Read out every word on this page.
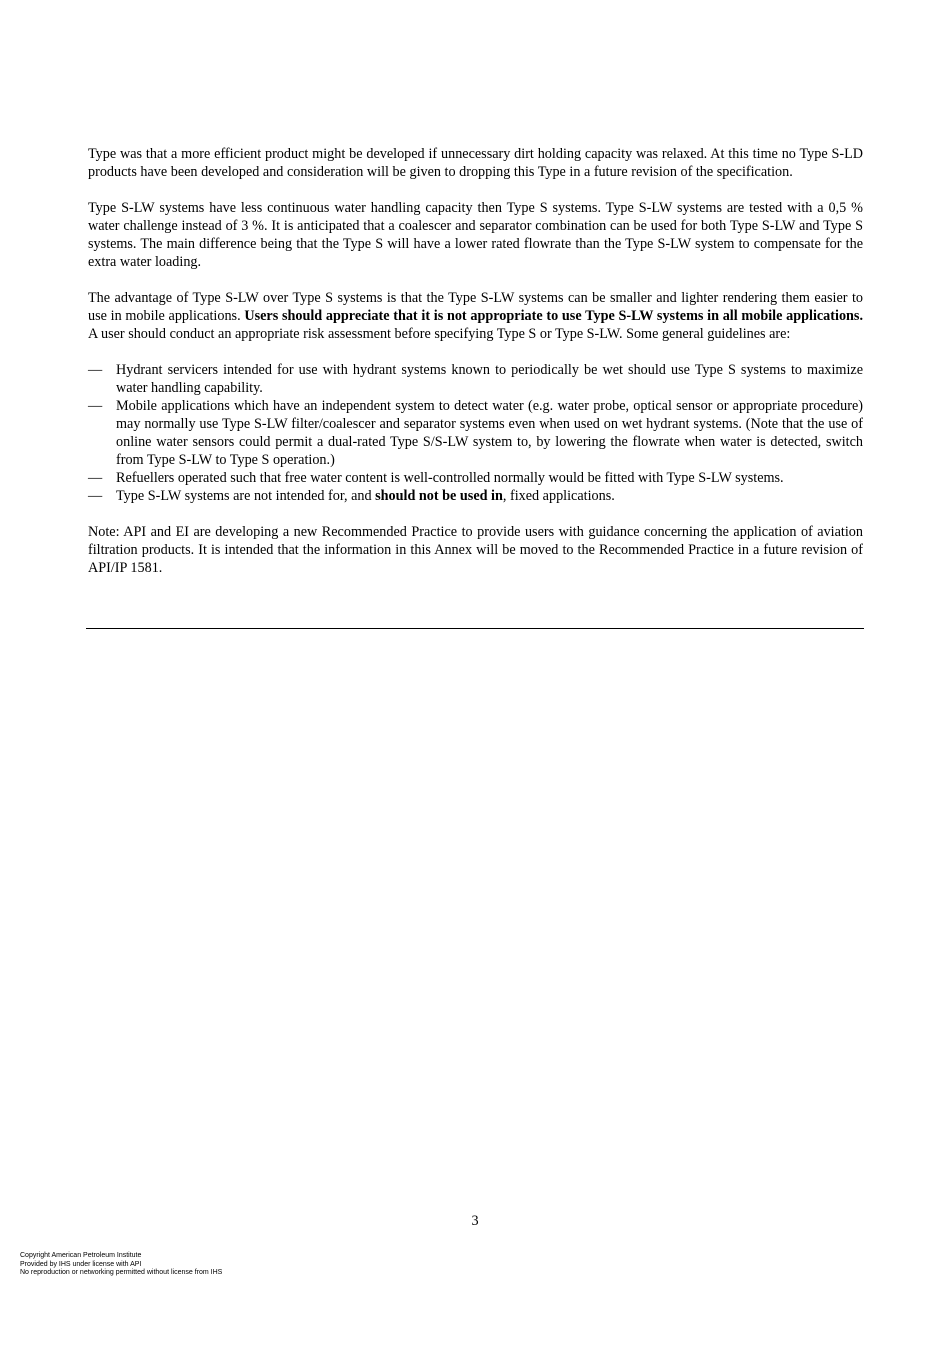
Type was that a more efficient product might be developed if unnecessary dirt holding capacity was relaxed. At this time no Type S-LD products have been developed and consideration will be given to dropping this Type in a future revision of the specification.

Type S-LW systems have less continuous water handling capacity then Type S systems. Type S-LW systems are tested with a 0,5 % water challenge instead of 3 %. It is anticipated that a coalescer and separator combination can be used for both Type S-LW and Type S systems. The main difference being that the Type S will have a lower rated flowrate than the Type S-LW system to compensate for the extra water loading.

The advantage of Type S-LW over Type S systems is that the Type S-LW systems can be smaller and lighter rendering them easier to use in mobile applications. Users should appreciate that it is not appropriate to use Type S-LW systems in all mobile applications. A user should conduct an appropriate risk assessment before specifying Type S or Type S-LW. Some general guidelines are:

— Hydrant servicers intended for use with hydrant systems known to periodically be wet should use Type S systems to maximize water handling capability.
— Mobile applications which have an independent system to detect water (e.g. water probe, optical sensor or appropriate procedure) may normally use Type S-LW filter/coalescer and separator systems even when used on wet hydrant systems. (Note that the use of online water sensors could permit a dual-rated Type S/S-LW system to, by lowering the flowrate when water is detected, switch from Type S-LW to Type S operation.)
— Refuellers operated such that free water content is well-controlled normally would be fitted with Type S-LW systems.
— Type S-LW systems are not intended for, and should not be used in, fixed applications.

Note: API and EI are developing a new Recommended Practice to provide users with guidance concerning the application of aviation filtration products. It is intended that the information in this Annex will be moved to the Recommended Practice in a future revision of API/IP 1581.

3
Copyright American Petroleum Institute
Provided by IHS under license with API
No reproduction or networking permitted without license from IHS
